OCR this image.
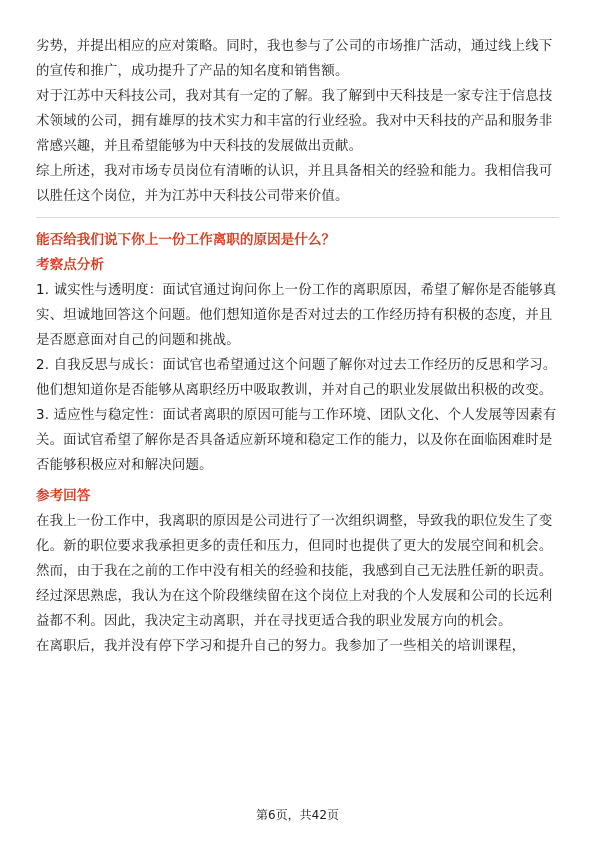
劣势，并提出相应的应对策略。同时，我也参与了公司的市场推广活动，通过线上线下的宣传和推广，成功提升了产品的知名度和销售额。

对于江苏中天科技公司，我对其有一定的了解。我了解到中天科技是一家专注于信息技术领域的公司，拥有雄厚的技术实力和丰富的行业经验。我对中天科技的产品和服务非常感兴趣，并且希望能够为中天科技的发展做出贡献。

综上所述，我对市场专员岗位有清晰的认识，并且具备相关的经验和能力。我相信我可以胜任这个岗位，并为江苏中天科技公司带来价值。

能否给我们说下你上一份工作离职的原因是什么？
考察点分析

1. 诚实性与透明度：面试官通过询问你上一份工作的离职原因，希望了解你是否能够真实、坦诚地回答这个问题。他们想知道你是否对过去的工作经历持有积极的态度，并且是否愿意面对自己的问题和挑战。

2. 自我反思与成长：面试官也希望通过这个问题了解你对过去工作经历的反思和学习。他们想知道你是否能够从离职经历中吸取教训，并对自己的职业发展做出积极的改变。

3. 适应性与稳定性：面试者离职的原因可能与工作环境、团队文化、个人发展等因素有关。面试官希望了解你是否具备适应新环境和稳定工作的能力，以及你在面临困难时是否能够积极应对和解决问题。

参考回答

在我上一份工作中，我离职的原因是公司进行了一次组织调整，导致我的职位发生了变化。新的职位要求我承担更多的责任和压力，但同时也提供了更大的发展空间和机会。然而，由于我在之前的工作中没有相关的经验和技能，我感到自己无法胜任新的职责。经过深思熟虑，我认为在这个阶段继续留在这个岗位上对我的个人发展和公司的长远利益都不利。因此，我决定主动离职，并在寻找更适合我的职业发展方向的机会。

在离职后，我并没有停下学习和提升自己的努力。我参加了一些相关的培训课程，

第6页，共42页
